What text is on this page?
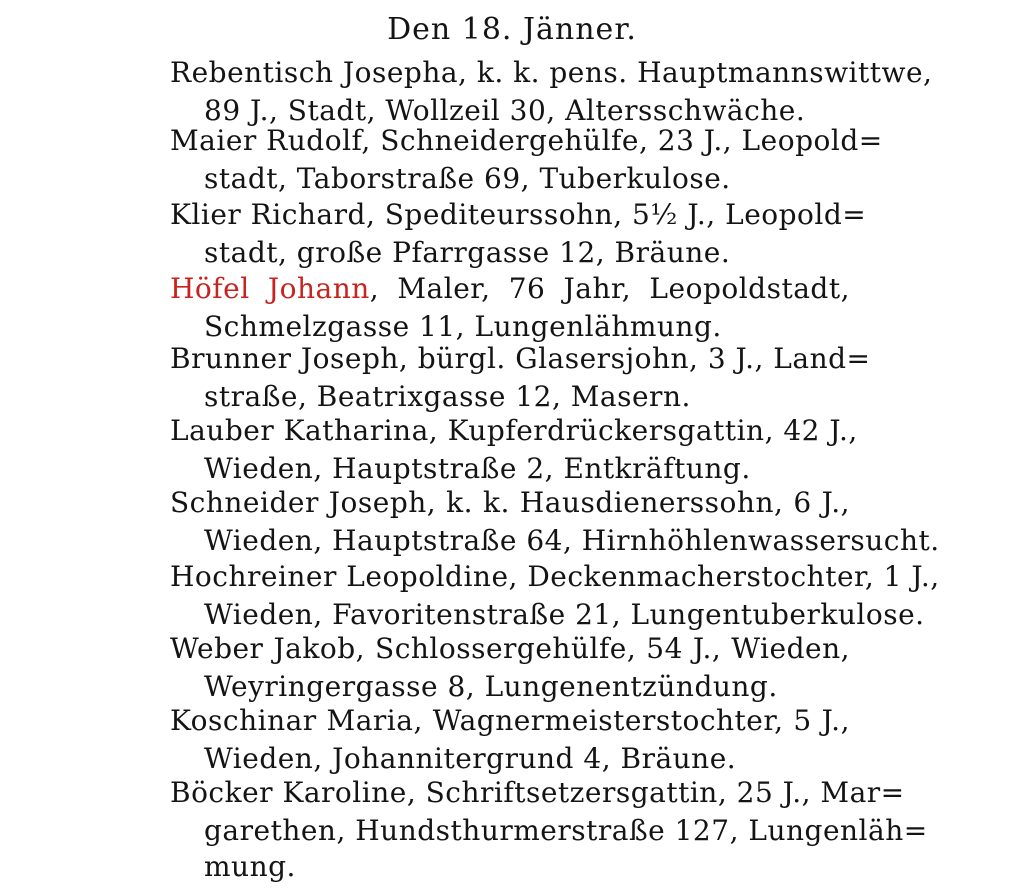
Den 18. Jänner.
Rebentisch Josepha, k. k. pens. Hauptmannswittwe,
89 J., Stadt, Wollzeil 30, Altersschwäche.
Maier Rudolf, Schneidergehülfe, 23 J., Leopold=
stadt, Taborstraße 69, Tuberkulose.
Klier Richard, Spediteurssohn, 5½ J., Leopold=
stadt, große Pfarrgasse 12, Bräune.
Höfel Johann, Maler, 76 Jahr, Leopoldstadt,
Schmelzgasse 11, Lungenlähmung.
Brunner Joseph, bürgl. Glasersjohn, 3 J., Land=
straße, Beatrixgasse 12, Masern.
Lauber Katharina, Kupferdrückersgattin, 42 J.,
Wieden, Hauptstraße 2, Entkräftung.
Schneider Joseph, k. k. Hausdienerssohn, 6 J.,
Wieden, Hauptstraße 64, Hirnhöhlenwassersucht.
Hochreiner Leopoldine, Deckenmacherstochter, 1 J.,
Wieden, Favoritenstraße 21, Lungentuberkulose.
Weber Jakob, Schlossergehülfe, 54 J., Wieden,
Weyringergasse 8, Lungenentzündung.
Koschinar Maria, Wagnermeisterstochter, 5 J.,
Wieden, Johannitergrund 4, Bräune.
Böcker Karoline, Schriftsetzersgattin, 25 J., Mar=
garethen, Hundsthurmerstraße 127, Lungenläh=
mung.
